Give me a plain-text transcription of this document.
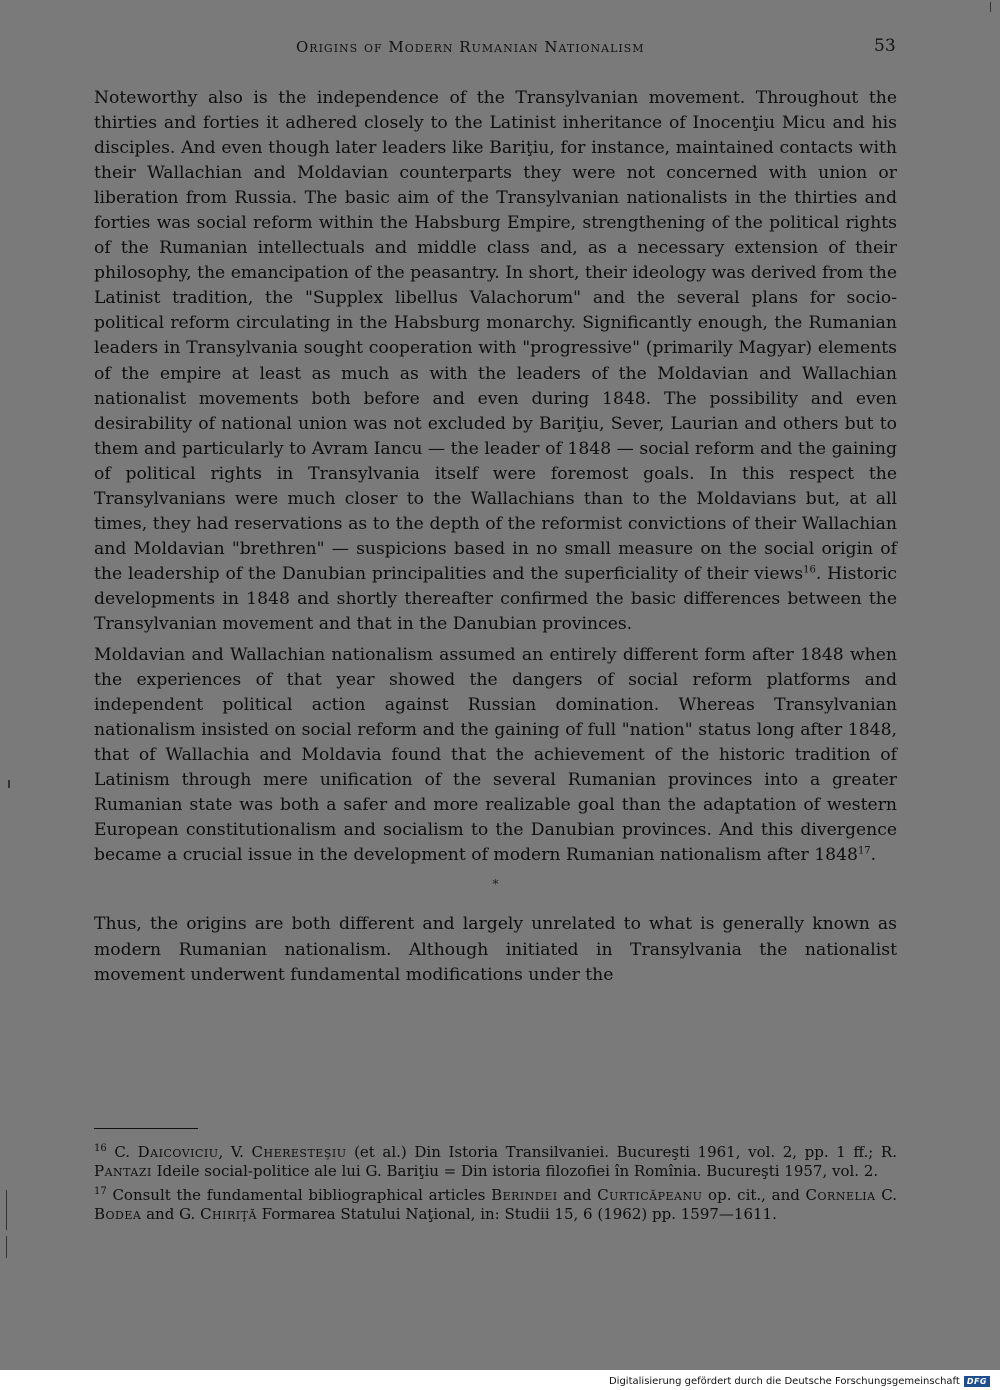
Origins of Modern Rumanian Nationalism	53

Noteworthy also is the independence of the Transylvanian movement. Throughout the thirties and forties it adhered closely to the Latinist inheritance of Inocenţiu Micu and his disciples. And even though later leaders like Bariţiu, for instance, maintained contacts with their Wallachian and Moldavian counterparts they were not concerned with union or liberation from Russia. The basic aim of the Transylvanian nationalists in the thirties and forties was social reform within the Habsburg Empire, strengthening of the political rights of the Rumanian intellectuals and middle class and, as a necessary extension of their philosophy, the emancipation of the peasantry. In short, their ideology was derived from the Latinist tradition, the "Supplex libellus Valachorum" and the several plans for socio-political reform circulating in the Habsburg monarchy. Significantly enough, the Rumanian leaders in Transylvania sought cooperation with "progressive" (primarily Magyar) elements of the empire at least as much as with the leaders of the Moldavian and Wallachian nationalist movements both before and even during 1848. The possibility and even desirability of national union was not excluded by Bariţiu, Sever, Laurian and others but to them and particularly to Avram Iancu — the leader of 1848 — social reform and the gaining of political rights in Transylvania itself were foremost goals. In this respect the Transylvanians were much closer to the Wallachians than to the Moldavians but, at all times, they had reservations as to the depth of the reformist convictions of their Wallachian and Moldavian "brethren" — suspicions based in no small measure on the social origin of the leadership of the Danubian principalities and the superficiality of their views$^{16}$. Historic developments in 1848 and shortly thereafter confirmed the basic differences between the Transylvanian movement and that in the Danubian provinces.

Moldavian and Wallachian nationalism assumed an entirely different form after 1848 when the experiences of that year showed the dangers of social reform platforms and independent political action against Russian domination. Whereas Transylvanian nationalism insisted on social reform and the gaining of full "nation" status long after 1848, that of Wallachia and Moldavia found that the achievement of the historic tradition of Latinism through mere unification of the several Rumanian provinces into a greater Rumanian state was both a safer and more realizable goal than the adaptation of western European constitutionalism and socialism to the Danubian provinces. And this divergence became a crucial issue in the development of modern Rumanian nationalism after 1848$^{17}$.

*

Thus, the origins are both different and largely unrelated to what is generally known as modern Rumanian nationalism. Although initiated in Transylvania the nationalist movement underwent fundamental modifications under the

$^{16}$ C. Daicoviciu, V. Cheresteşiu (et al.) Din Istoria Transilvaniei. Bucureşti 1961, vol. 2, pp. 1 ff.; R. Pantazi Ideile social-politice ale lui G. Bariţiu = Din istoria filozofiei în Romînia. Bucureşti 1957, vol. 2.

$^{17}$ Consult the fundamental bibliographical articles Berindei and Curticăpeanu op. cit., and Cornelia C. Bodea and G. Chiriţă Formarea Statului Naţional, in: Studii 15, 6 (1962) pp. 1597—1611.

Digitalisierung gefördert durch die Deutsche Forschungsgemeinschaft DFG
